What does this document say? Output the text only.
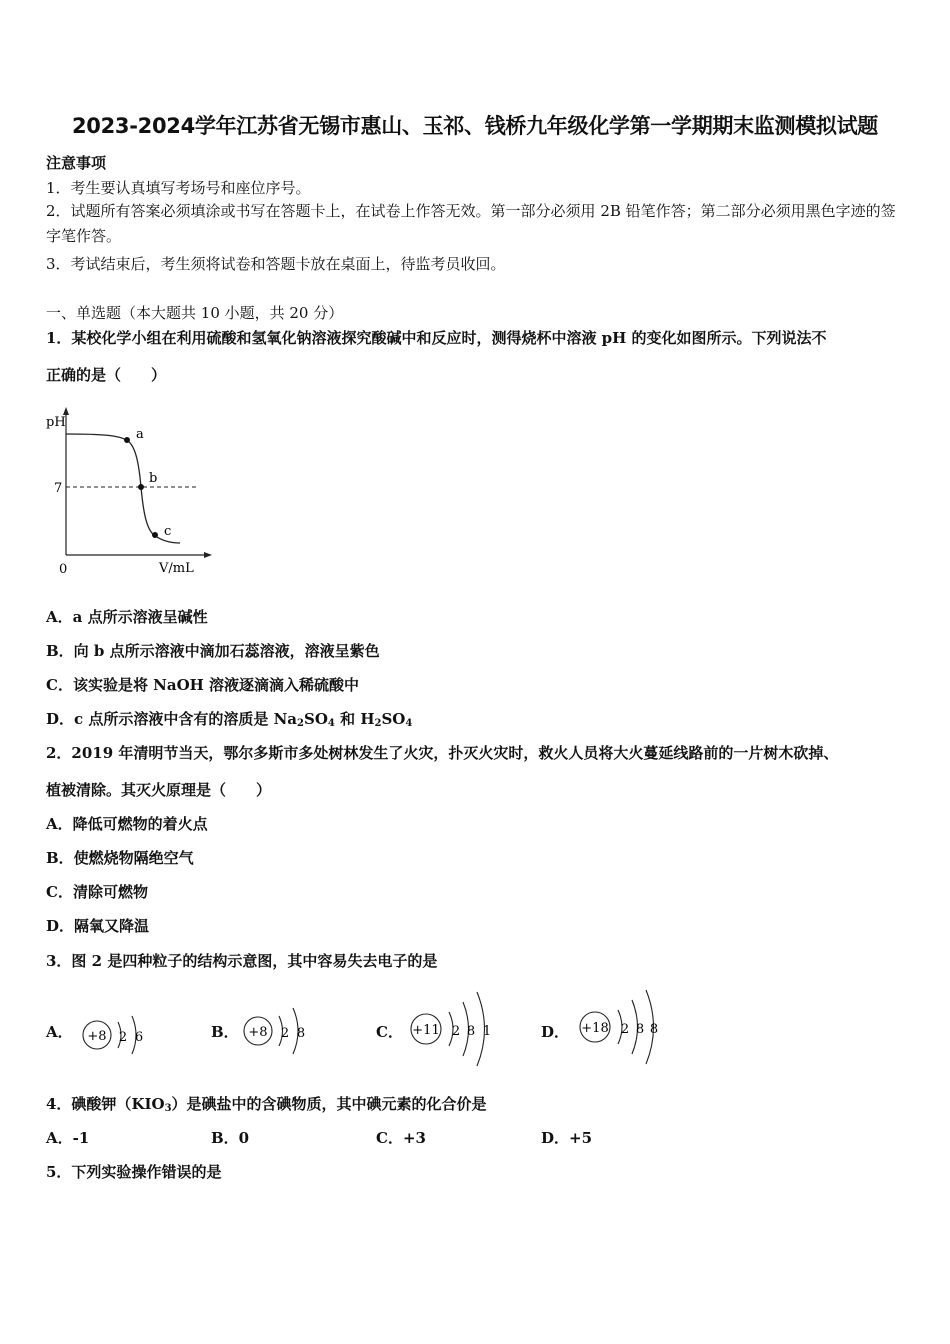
2023-2024学年江苏省无锡市惠山、玉祁、钱桥九年级化学第一学期期末监测模拟试题
注意事项
1．考生要认真填写考场号和座位序号。
2．试题所有答案必须填涂或书写在答题卡上，在试卷上作答无效。第一部分必须用 2B 铅笔作答；第二部分必须用黑色字迹的签字笔作答。
3．考试结束后，考生须将试卷和答题卡放在桌面上，待监考员收回。
一、单选题（本大题共 10 小题，共 20 分）
1．某校化学小组在利用硫酸和氢氧化钠溶液探究酸碱中和反应时，测得烧杯中溶液 pH 的变化如图所示。下列说法不
正确的是（　　）
pH
V/mL
0
7
a
b
c
A．a 点所示溶液呈碱性
B．向 b 点所示溶液中滴加石蕊溶液，溶液呈紫色
C．该实验是将 NaOH 溶液逐滴滴入稀硫酸中
D．c 点所示溶液中含有的溶质是 $Na_2SO_4$ 和 $H_2SO_4$
2．2019 年清明节当天，鄂尔多斯市多处树林发生了火灾，扑灭火灾时，救火人员将大火蔓延线路前的一片树木砍掉、
植被清除。其灭火原理是（　　）
A．降低可燃物的着火点
B．使燃烧物隔绝空气
C．清除可燃物
D．隔氧又降温
3．图 2 是四种粒子的结构示意图，其中容易失去电子的是
A． +8 2 6	B． +8 2 8	C． +11 2 8 1	D． +18 2 8 8
4．碘酸钾$(KIO_3)$是碘盐中的含碘物质，其中碘元素的化合价是
A．-1	B．0	C．+3	D．+5
5．下列实验操作错误的是
